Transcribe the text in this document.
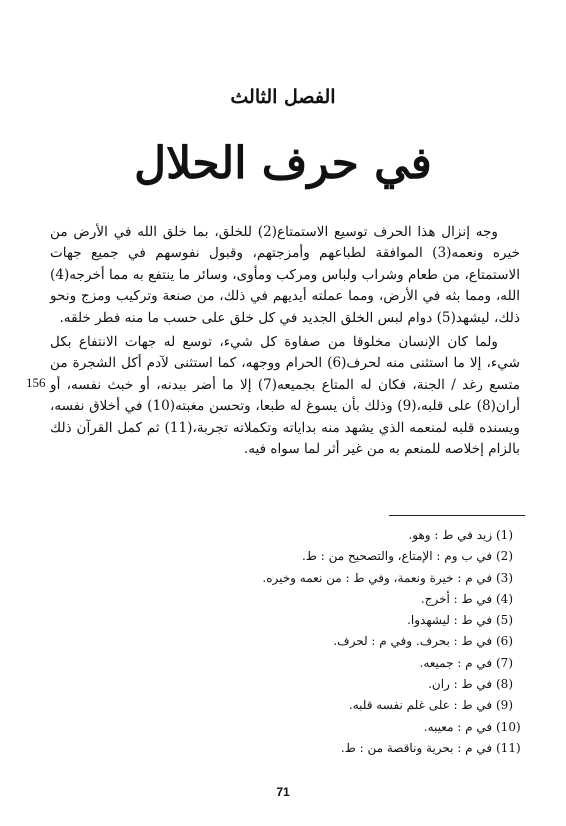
الفصل الثالث
في حرف الحلال

وجه إنزال هذا الحرف توسيع الاستمتاع(2) للخلق، بما خلق الله في الأرض من خيره ونعمه(3) الموافقة لطباعهم وأمزجتهم، وقبول نفوسهم في جميع جهات الاستمتاع، من طعام وشراب ولباس ومركب ومأوى، وسائر ما ينتفع به مما أخرجه(4) الله، ومما بثه في الأرض، ومما عملته أيديهم في ذلك، من صنعة وتركيب ومزج ونحو ذلك، ليشهد(5) دوام لبس الخلق الجديد في كل خلق على حسب ما منه فطر خلقه.

ولما كان الإنسان مخلوقا من صفاوة كل شيء، توسع له جهات الانتفاع بكل شيء، إلا ما استثنى منه لحرف(6) الحرام ووجهه، كما استثنى لآدم أكل الشجرة من متسع رغد / الجنة، فكان له المتاع بجميعه(7) إلا ما أضر ببدنه، أو خبث نفسه، أو أران(8) على قلبه،(9) وذلك بأن يسوغ له طبعا، وتحسن مغبته(10) في أخلاق نفسه، ويسنده قلبه لمنعمه الذي يشهد منه بداياته وتكملاته تجربة،(11) ثم كمل القرآن ذلك بالزام إخلاصه للمنعم به من غير أثر لما سواه فيه.

156
(1) زيد في ط : وهو.
(2) في ب وم : الإمتاع، والتصحيح من : ط.
(3) في م : خيرة ونعمة، وفي ط : من نعمه وخيره.
(4) في ط : أخرج.
(5) في ط : ليشهدوا.
(6) في ط : بحرف. وفي م : لحرف.
(7) في م : جميعه.
(8) في ط : ران.
(9) في ط : على غلم نفسه قلبه.
(10) في م : معيبه.
(11) في م : بحرية وناقصة من : ط.
71
